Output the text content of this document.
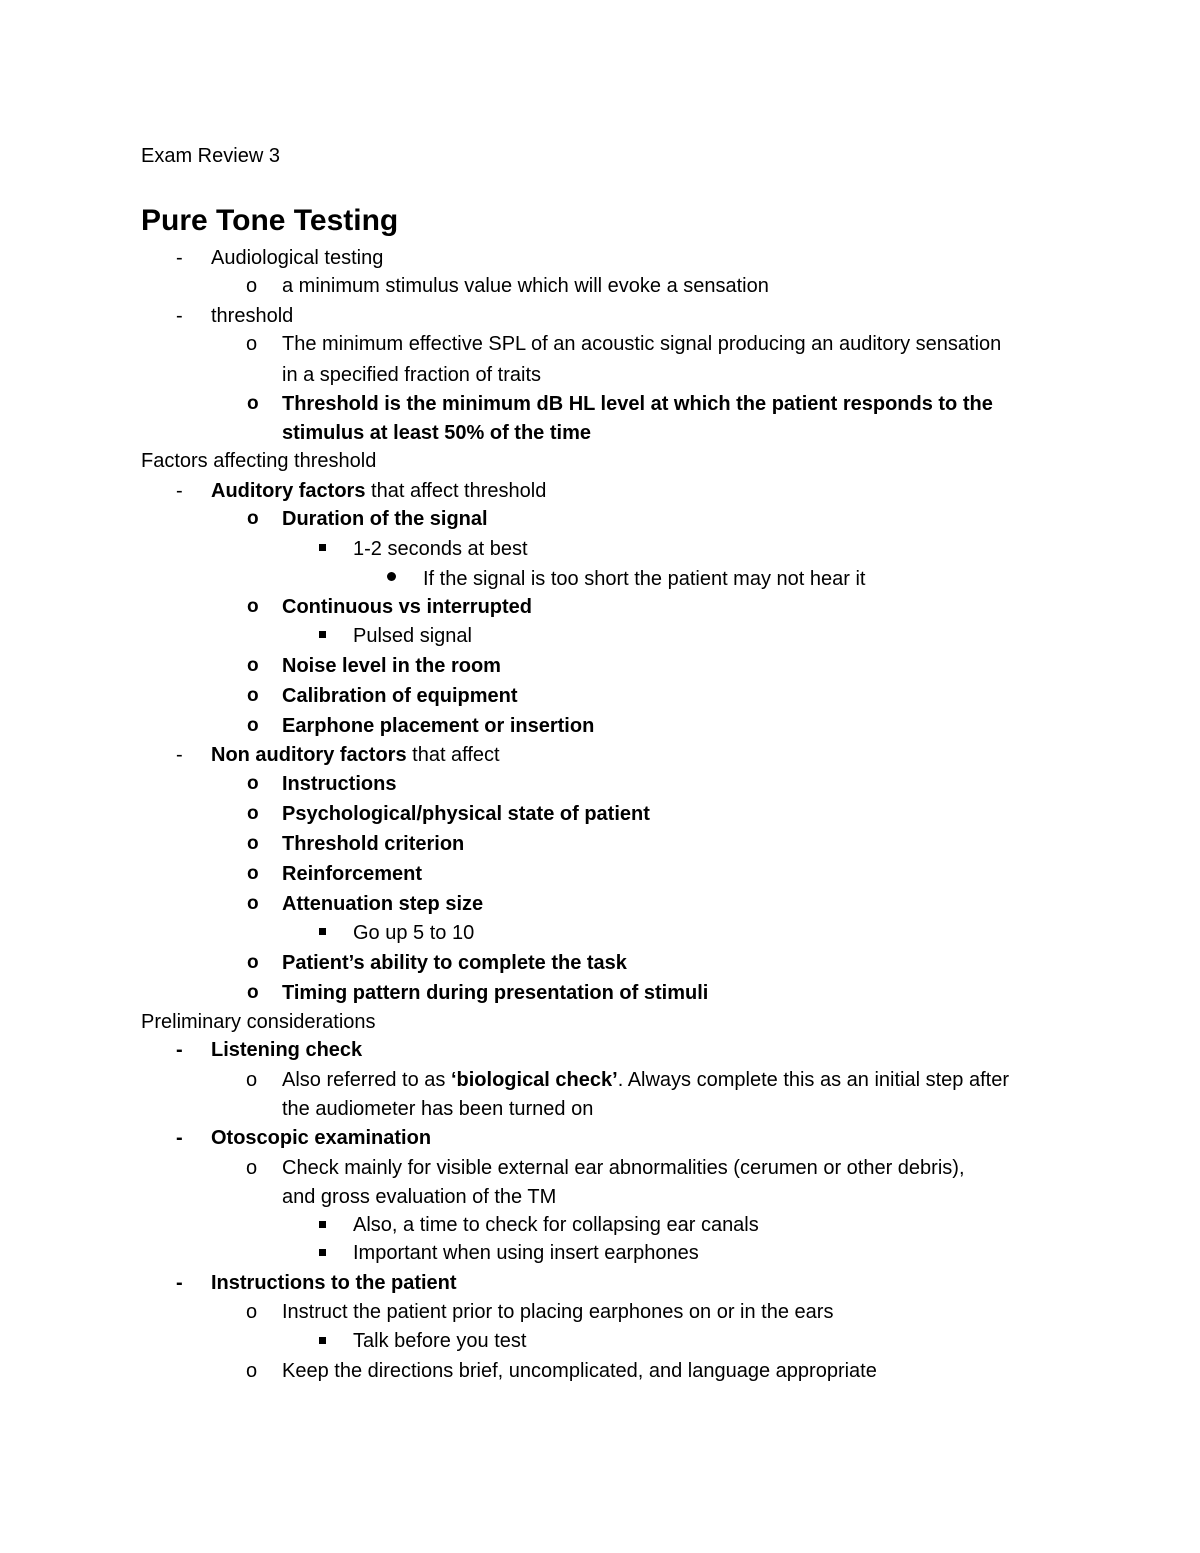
Exam Review 3
Pure Tone Testing
- Audiological testing
o a minimum stimulus value which will evoke a sensation
- threshold
o The minimum effective SPL of an acoustic signal producing an auditory sensation
in a specified fraction of traits
o Threshold is the minimum dB HL level at which the patient responds to the
stimulus at least 50% of the time
Factors affecting threshold
- Auditory factors that affect threshold
o Duration of the signal
1-2 seconds at best
If the signal is too short the patient may not hear it
o Continuous vs interrupted
Pulsed signal
o Noise level in the room
o Calibration of equipment
o Earphone placement or insertion
- Non auditory factors that affect
o Instructions
o Psychological/physical state of patient
o Threshold criterion
o Reinforcement
o Attenuation step size
Go up 5 to 10
o Patient’s ability to complete the task
o Timing pattern during presentation of stimuli
Preliminary considerations
- Listening check
o Also referred to as ‘biological check’. Always complete this as an initial step after
the audiometer has been turned on
- Otoscopic examination
o Check mainly for visible external ear abnormalities (cerumen or other debris),
and gross evaluation of the TM
Also, a time to check for collapsing ear canals
Important when using insert earphones
- Instructions to the patient
o Instruct the patient prior to placing earphones on or in the ears
Talk before you test
o Keep the directions brief, uncomplicated, and language appropriate
